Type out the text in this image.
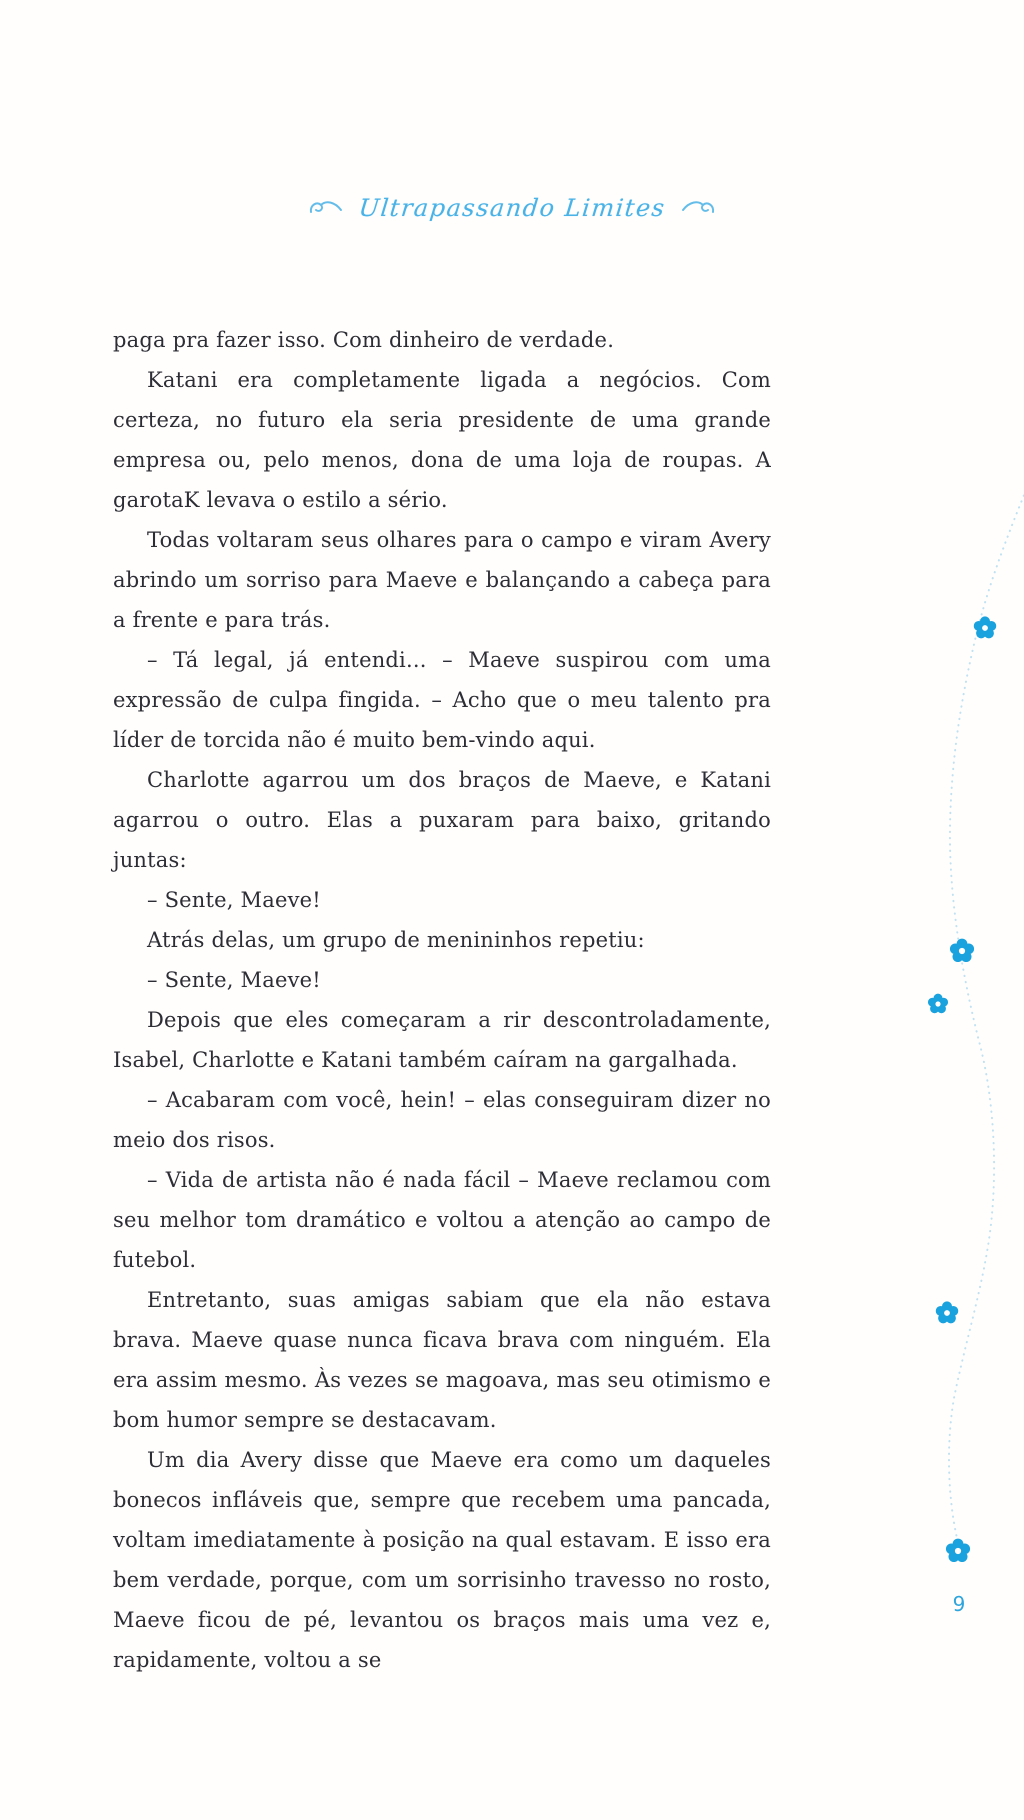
Ultrapassando Limites

paga pra fazer isso. Com dinheiro de verdade.

Katani era completamente ligada a negócios. Com certeza, no futuro ela seria presidente de uma grande empresa ou, pelo menos, dona de uma loja de roupas. A garotaK levava o estilo a sério.

Todas voltaram seus olhares para o campo e viram Avery abrindo um sorriso para Maeve e balançando a cabeça para a frente e para trás.

– Tá legal, já entendi... – Maeve suspirou com uma expressão de culpa fingida. – Acho que o meu talento pra líder de torcida não é muito bem-vindo aqui.

Charlotte agarrou um dos braços de Maeve, e Katani agarrou o outro. Elas a puxaram para baixo, gritando juntas:

– Sente, Maeve!

Atrás delas, um grupo de menininhos repetiu:

– Sente, Maeve!

Depois que eles começaram a rir descontroladamente, Isabel, Charlotte e Katani também caíram na gargalhada.

– Acabaram com você, hein! – elas conseguiram dizer no meio dos risos.

– Vida de artista não é nada fácil – Maeve reclamou com seu melhor tom dramático e voltou a atenção ao campo de futebol.

Entretanto, suas amigas sabiam que ela não estava brava. Maeve quase nunca ficava brava com ninguém. Ela era assim mesmo. Às vezes se magoava, mas seu otimismo e bom humor sempre se destacavam.

Um dia Avery disse que Maeve era como um daqueles bonecos infláveis que, sempre que recebem uma pancada, voltam imediatamente à posição na qual estavam. E isso era bem verdade, porque, com um sorrisinho travesso no rosto, Maeve ficou de pé, levantou os braços mais uma vez e, rapidamente, voltou a se

9
